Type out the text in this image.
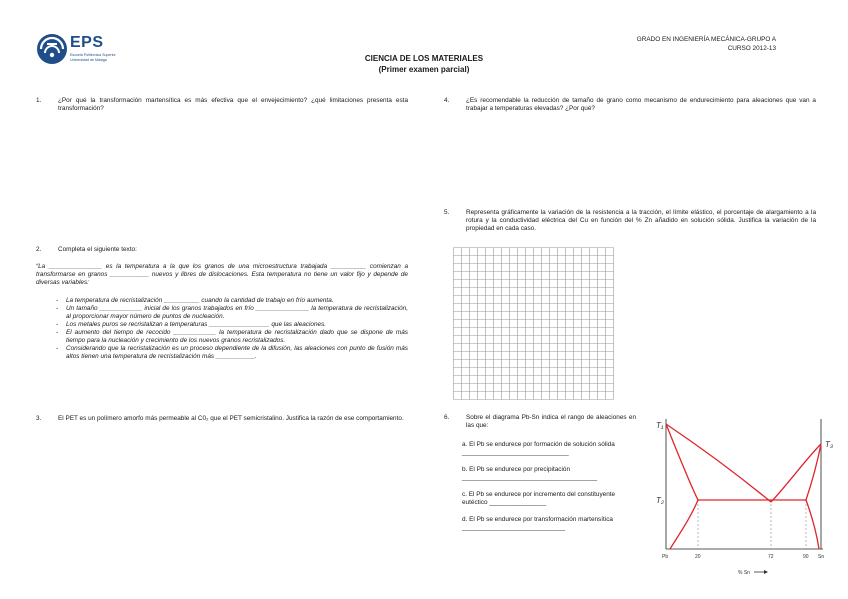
EPS
Escuela Politécnica Superior
Universidad de Málaga
GRADO EN INGENIERÍA MECÁNICA-GRUPO A
CURSO 2012-13
CIENCIA DE LOS MATERIALES
(Primer examen parcial)
1.	¿Por qué la transformación martensítica es más efectiva que el envejecimiento? ¿qué limitaciones presenta esta transformación?
2.	Completa el siguiente texto:
“La _______________ es la temperatura a la que los granos de una microestructura trabajada __________ comienzan a transformarse en granos ___________ nuevos y libres de dislocaciones. Esta temperatura no tiene un valor fijo y depende de diversas variables:
- La temperatura de recristalización __________ cuando la cantidad de trabajo en frío aumenta.
- Un tamaño ____________ inicial de los granos trabajados en frío _______________ la temperatura de recristalización, al proporcionar mayor número de puntos de nucleación.
- Los metales puros se recristalizan a temperaturas _________________ que las aleaciones.
- El aumento del tiempo de recocido ____________ la temperatura de recristalización dado que se dispone de más tiempo para la nucleación y crecimiento de los nuevos granos recristalizados.
- Considerando que la recristalización es un proceso dependiente de la difusión, las aleaciones con punto de fusión más altos tienen una temperatura de recristalización más ___________.
3.	El PET es un polímero amorfo más permeable al C0₂ que el PET semicristalino. Justifica la razón de ese comportamiento.
4.	¿Es recomendable la reducción de tamaño de grano como mecanismo de endurecimiento para aleaciones que van a trabajar a temperaturas elevadas? ¿Por qué?
5.	Representa gráficamente la variación de la resistencia a la tracción, el límite elástico, el porcentaje de alargamiento a la rotura y la conductividad eléctrica del Cu en función del % Zn añadido en solución sólida. Justifica la variación de la propiedad en cada caso.
6.	Sobre el diagrama Pb-Sn indica el rango de aleaciones en las que:
a. El Pb se endurece por formación de solución sólida ______________________________
b. El Pb se endurece por precipitación ______________________________________
c. El Pb se endurece por incremento del constituyente eutéctico ________________
d. El Pb se endurece por transformación martensítica _____________________________
T₁
T₂
T₃
Pb	20	72	90 Sn
% Sn
